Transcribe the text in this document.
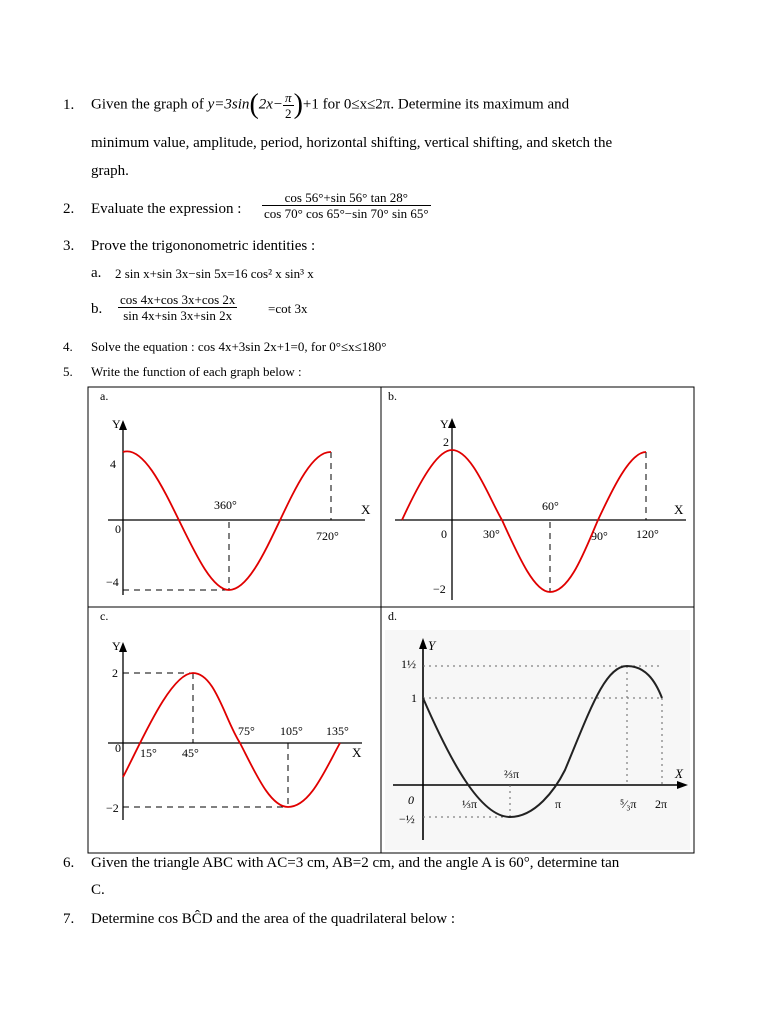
1. Given the graph of $y=3\sin(2x- \frac{\pi}{2} )+1$ for 0≤x≤2π. Determine its maximum and
minimum value, amplitude, period, horizontal shifting, vertical shifting, and sketch the
graph.
2. Evaluate the expression : $\frac{\cos 56^\circ+\sin 56^\circ \tan 28^\circ}{\cos 70^\circ \cos 65^\circ-\sin 70^\circ \sin 65^\circ}$
3. Prove the trigononometric identities :
a. 2 sin x+sin 3x−sin 5x=16 cos² x sin³ x
b. $\frac{\cos 4x+\cos 3x+\cos 2x}{\sin 4x+\sin 3x+\sin 2x} =\cot$ 3x
4. Solve the equation : cos 4x+3sin 2x+1=0, for 0°≤x≤180°
5. Write the function of each graph below :
a.
Y
X
0
4
−4
360°
720°
b.
Y
X
0
2
−2
30°
60°
90° 120°
c.
Y
X
0
2
−2
15° 45°
75° 105° 135°
d.
Y
X
0
1½
1
−½
⅓π
⅔π
π	⁵⁄₃π 2π
6. Given the triangle ABC with AC=3 cm, AB=2 cm, and the angle A is 60°, determine tan
C.
7. Determine cos BĈD and the area of the quadrilateral below :
